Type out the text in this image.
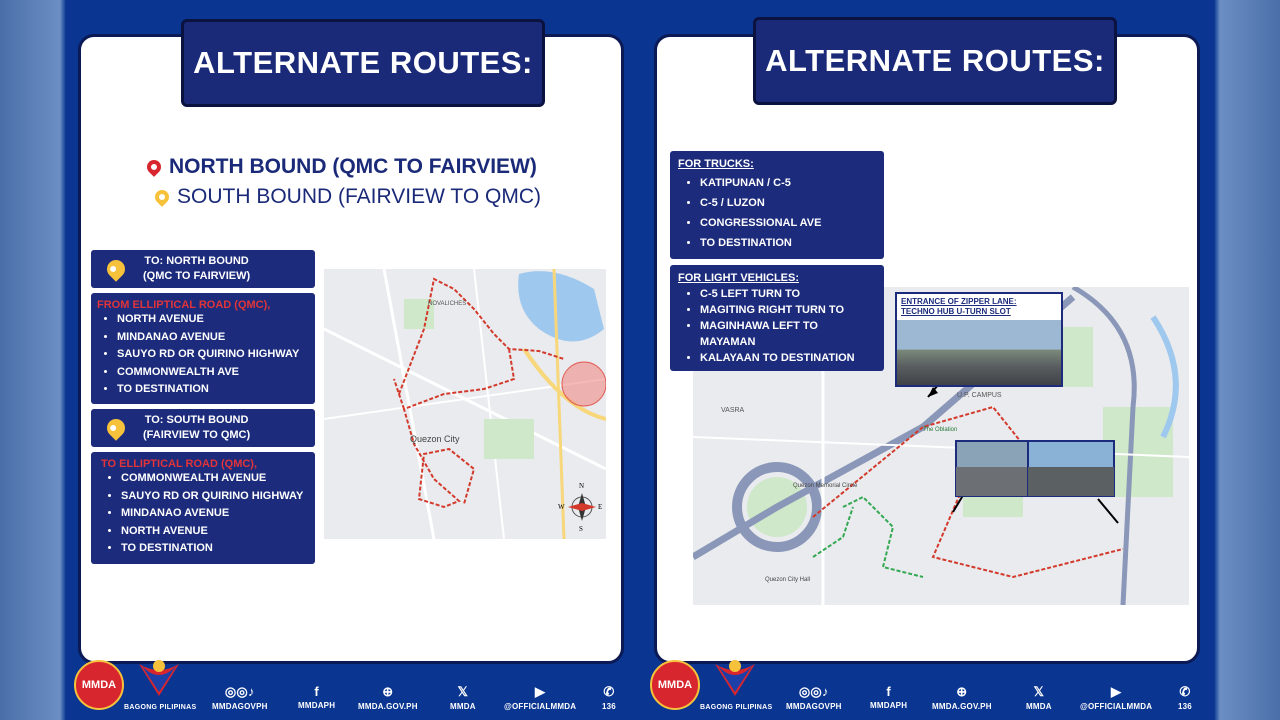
ALTERNATE ROUTES:
NORTH BOUND (QMC TO FAIRVIEW)
SOUTH BOUND (FAIRVIEW TO QMC)
TO: NORTH BOUND
(QMC TO FAIRVIEW)
FROM ELLIPTICAL ROAD (QMC),
• NORTH AVENUE
• MINDANAO AVENUE
• SAUYO RD OR QUIRINO HIGHWAY
• COMMONWEALTH AVE
• TO DESTINATION
TO: SOUTH BOUND
(FAIRVIEW TO QMC)
TO ELLIPTICAL ROAD (QMC),
• COMMONWEALTH AVENUE
• SAUYO RD OR QUIRINO HIGHWAY
• MINDANAO AVENUE
• NORTH AVENUE
• TO DESTINATION
NOVALICHES
Quezon City
N
S
E
W
ALTERNATE ROUTES:
FOR TRUCKS:
• KATIPUNAN / C-5
• C-5 / LUZON
• CONGRESSIONAL AVE
• TO DESTINATION
VASRA
U.P. CAMPUS
The Oblation
Quezon Memorial Circle
Quezon City Hall
FOR LIGHT VEHICLES:
• C-5 LEFT TURN TO
• MAGITING RIGHT TURN TO
• MAGINHAWA LEFT TO MAYAMAN
• KALAYAAN TO DESTINATION
ENTRANCE OF ZIPPER LANE:
TECHNO HUB U-TURN SLOT
MMDA
BAGONG PILIPINAS
◎◎♪
MMDAGOVPH
f
MMDAPH
⊕
MMDA.GOV.PH
𝕏
MMDA
▶
@OFFICIALMMDA
✆
136
MMDA
BAGONG PILIPINAS
◎◎♪
MMDAGOVPH
f
MMDAPH
⊕
MMDA.GOV.PH
𝕏
MMDA
▶
@OFFICIALMMDA
✆
136
